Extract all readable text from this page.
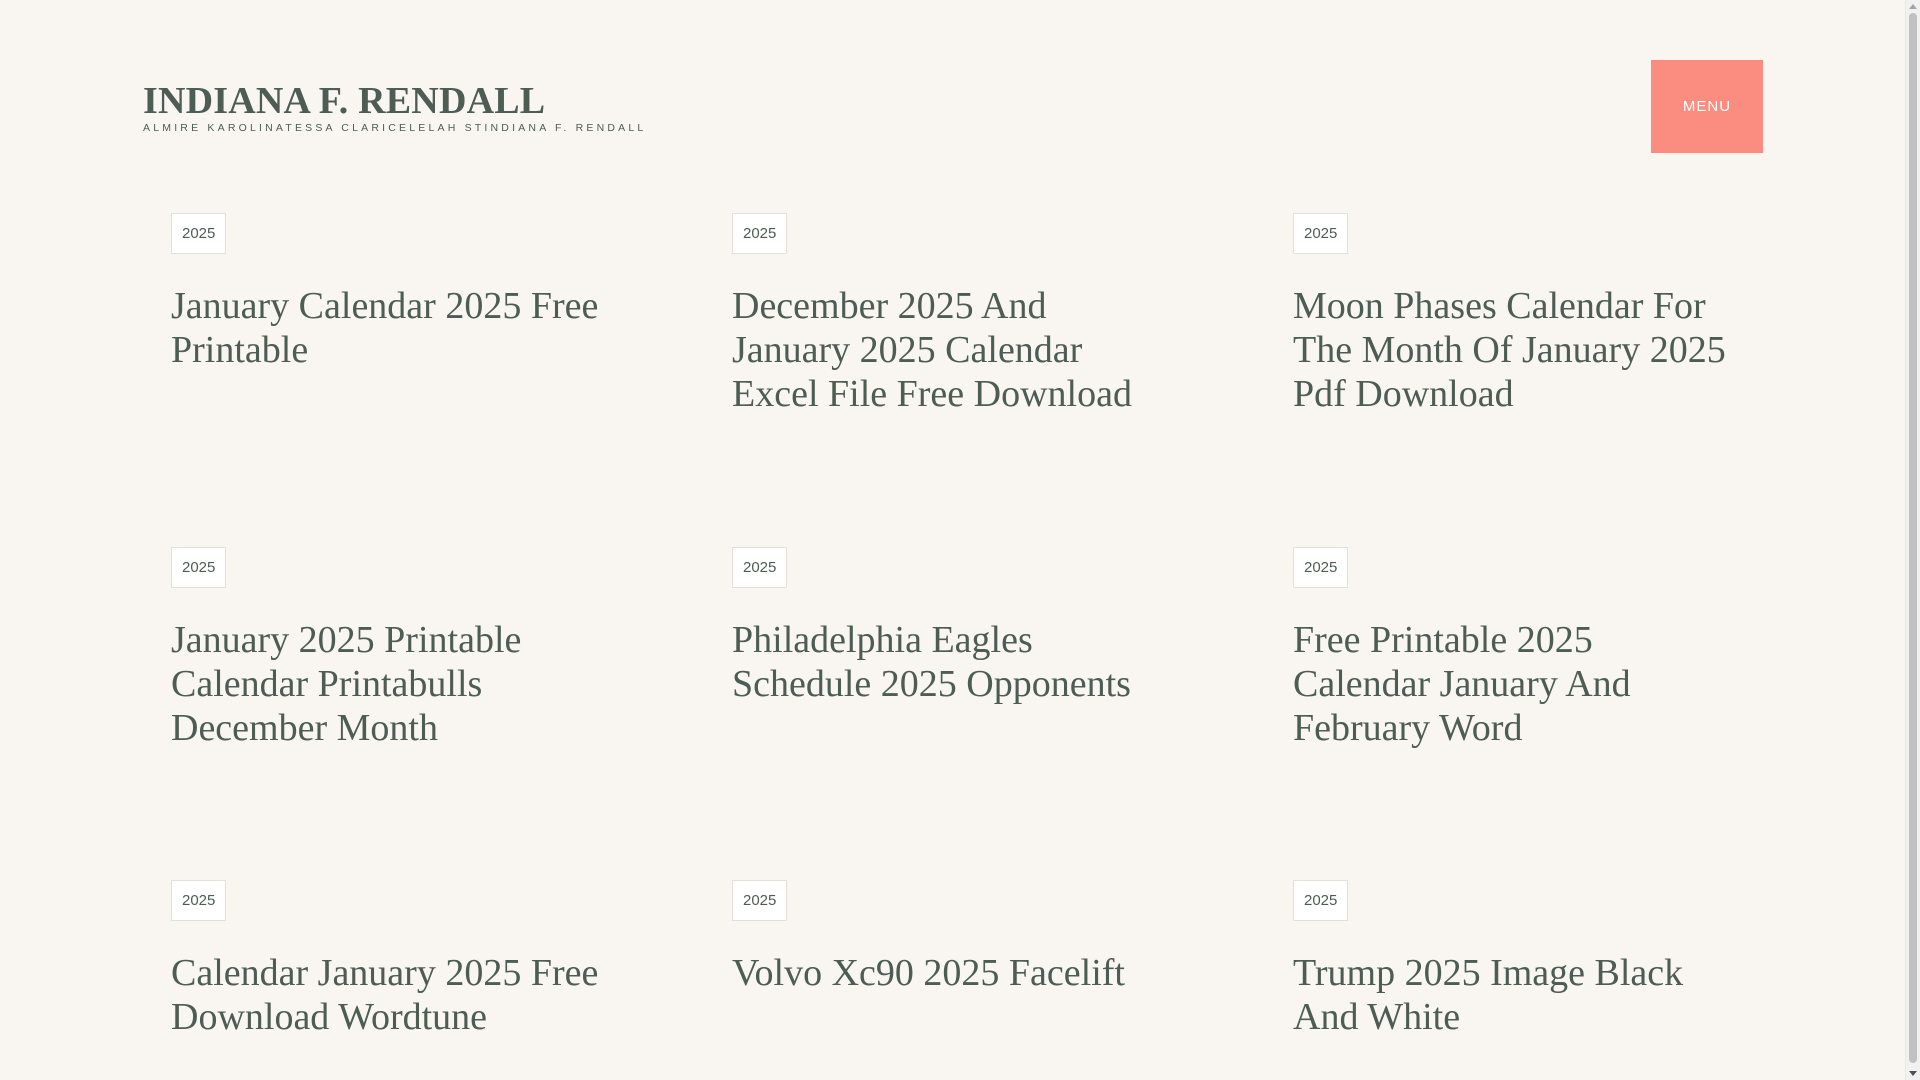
INDIANA F. RENDALL
ALMIRE KAROLINATESSA CLARICELELAH STINDIANA F. RENDALL
MENU
2025
January Calendar 2025 Free Printable
2025
December 2025 And January 2025 Calendar Excel File Free Download
2025
Moon Phases Calendar For The Month Of January 2025 Pdf Download
2025
January 2025 Printable Calendar Printabulls December Month
2025
Philadelphia Eagles Schedule 2025 Opponents
2025
Free Printable 2025 Calendar January And February Word
2025
Calendar January 2025 Free Download Wordtune
2025
Volvo Xc90 2025 Facelift
2025
Trump 2025 Image Black And White
